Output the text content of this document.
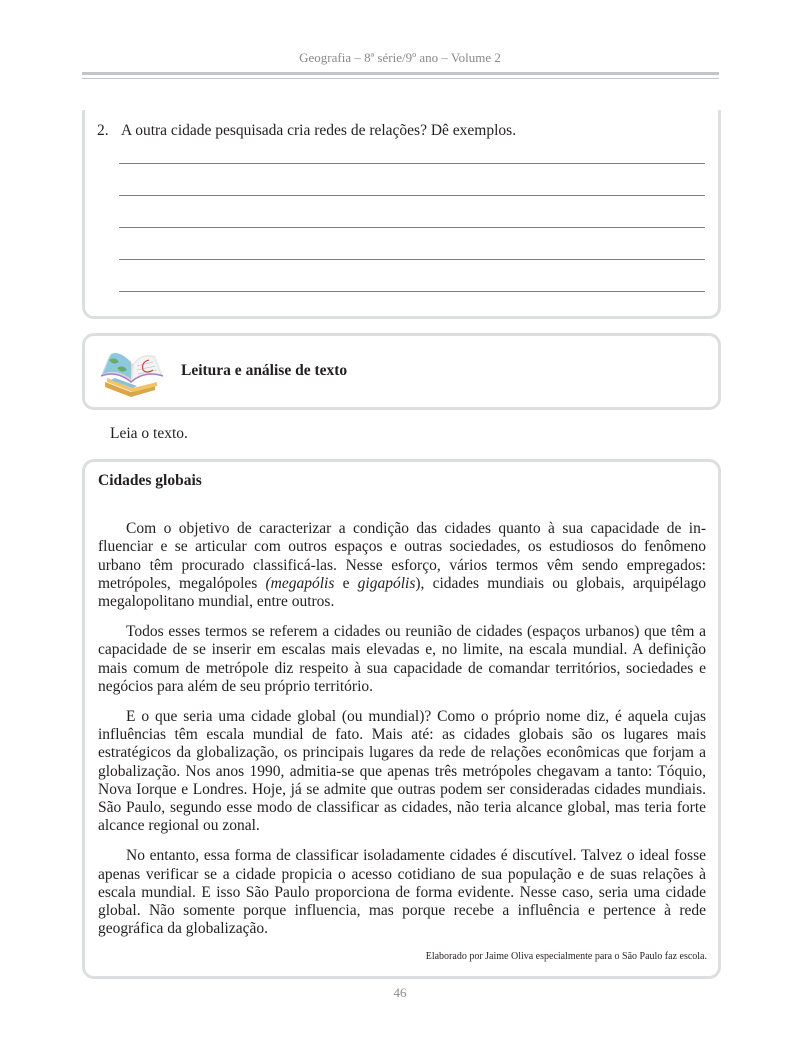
Geografia – 8ª série/9º ano – Volume 2
2. A outra cidade pesquisada cria redes de relações? Dê exemplos.
Leitura e análise de texto
Leia o texto.
Cidades globais

Com o objetivo de caracterizar a condição das cidades quanto à sua capacidade de influenciar e se articular com outros espaços e outras sociedades, os estudiosos do fenômeno urbano têm procurado classificá-las. Nesse esforço, vários termos vêm sendo empregados: metrópoles, megalópoles (megapólis e gigapólis), cidades mundiais ou globais, arquipélago megalopolitano mundial, entre outros.

Todos esses termos se referem a cidades ou reunião de cidades (espaços urbanos) que têm a capacidade de se inserir em escalas mais elevadas e, no limite, na escala mundial. A definição mais comum de metrópole diz respeito à sua capacidade de comandar territórios, sociedades e negócios para além de seu próprio território.

E o que seria uma cidade global (ou mundial)? Como o próprio nome diz, é aquela cujas influências têm escala mundial de fato. Mais até: as cidades globais são os lugares mais estratégicos da globalização, os principais lugares da rede de relações econômicas que forjam a globalização. Nos anos 1990, admitia-se que apenas três metrópoles chegavam a tanto: Tóquio, Nova Iorque e Londres. Hoje, já se admite que outras podem ser consideradas cidades mundiais. São Paulo, segundo esse modo de classificar as cidades, não teria alcance global, mas teria forte alcance regional ou zonal.

No entanto, essa forma de classificar isoladamente cidades é discutível. Talvez o ideal fosse apenas verificar se a cidade propicia o acesso cotidiano de sua população e de suas relações à escala mundial. E isso São Paulo proporciona de forma evidente. Nesse caso, seria uma cidade global. Não somente porque influencia, mas porque recebe a influência e pertence à rede geográfica da globalização.

Elaborado por Jaime Oliva especialmente para o São Paulo faz escola.
46
